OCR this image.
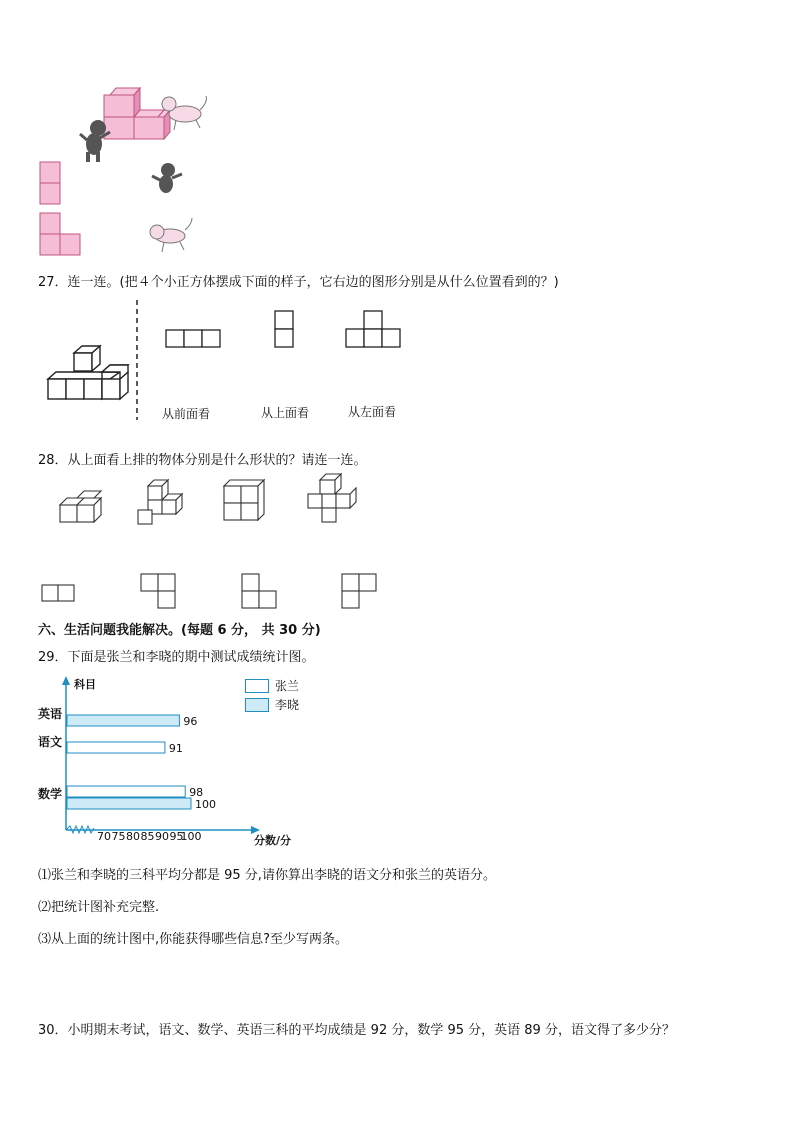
27．连一连。(把４个小正方体摆成下面的样子，它右边的图形分别是从什么位置看到的？)
从前面看	从上面看	从左面看
28．从上面看上排的物体分别是什么形状的？请连一连。
六、生活问题我能解决。(每题 6 分， 共 30 分)
29．下面是张兰和李晓的期中测试成绩统计图。
科目
分数/分
英语
语文
数学
91
98
96
100
70 75 80 85 90 95
100
张兰
李晓
⑴张兰和李晓的三科平均分都是 95 分,请你算出李晓的语文分和张兰的英语分。
⑵把统计图补充完整.
⑶从上面的统计图中,你能获得哪些信息?至少写两条。
30．小明期末考试，语文、数学、英语三科的平均成绩是 92 分，数学 95 分，英语 89 分，语文得了多少分？
